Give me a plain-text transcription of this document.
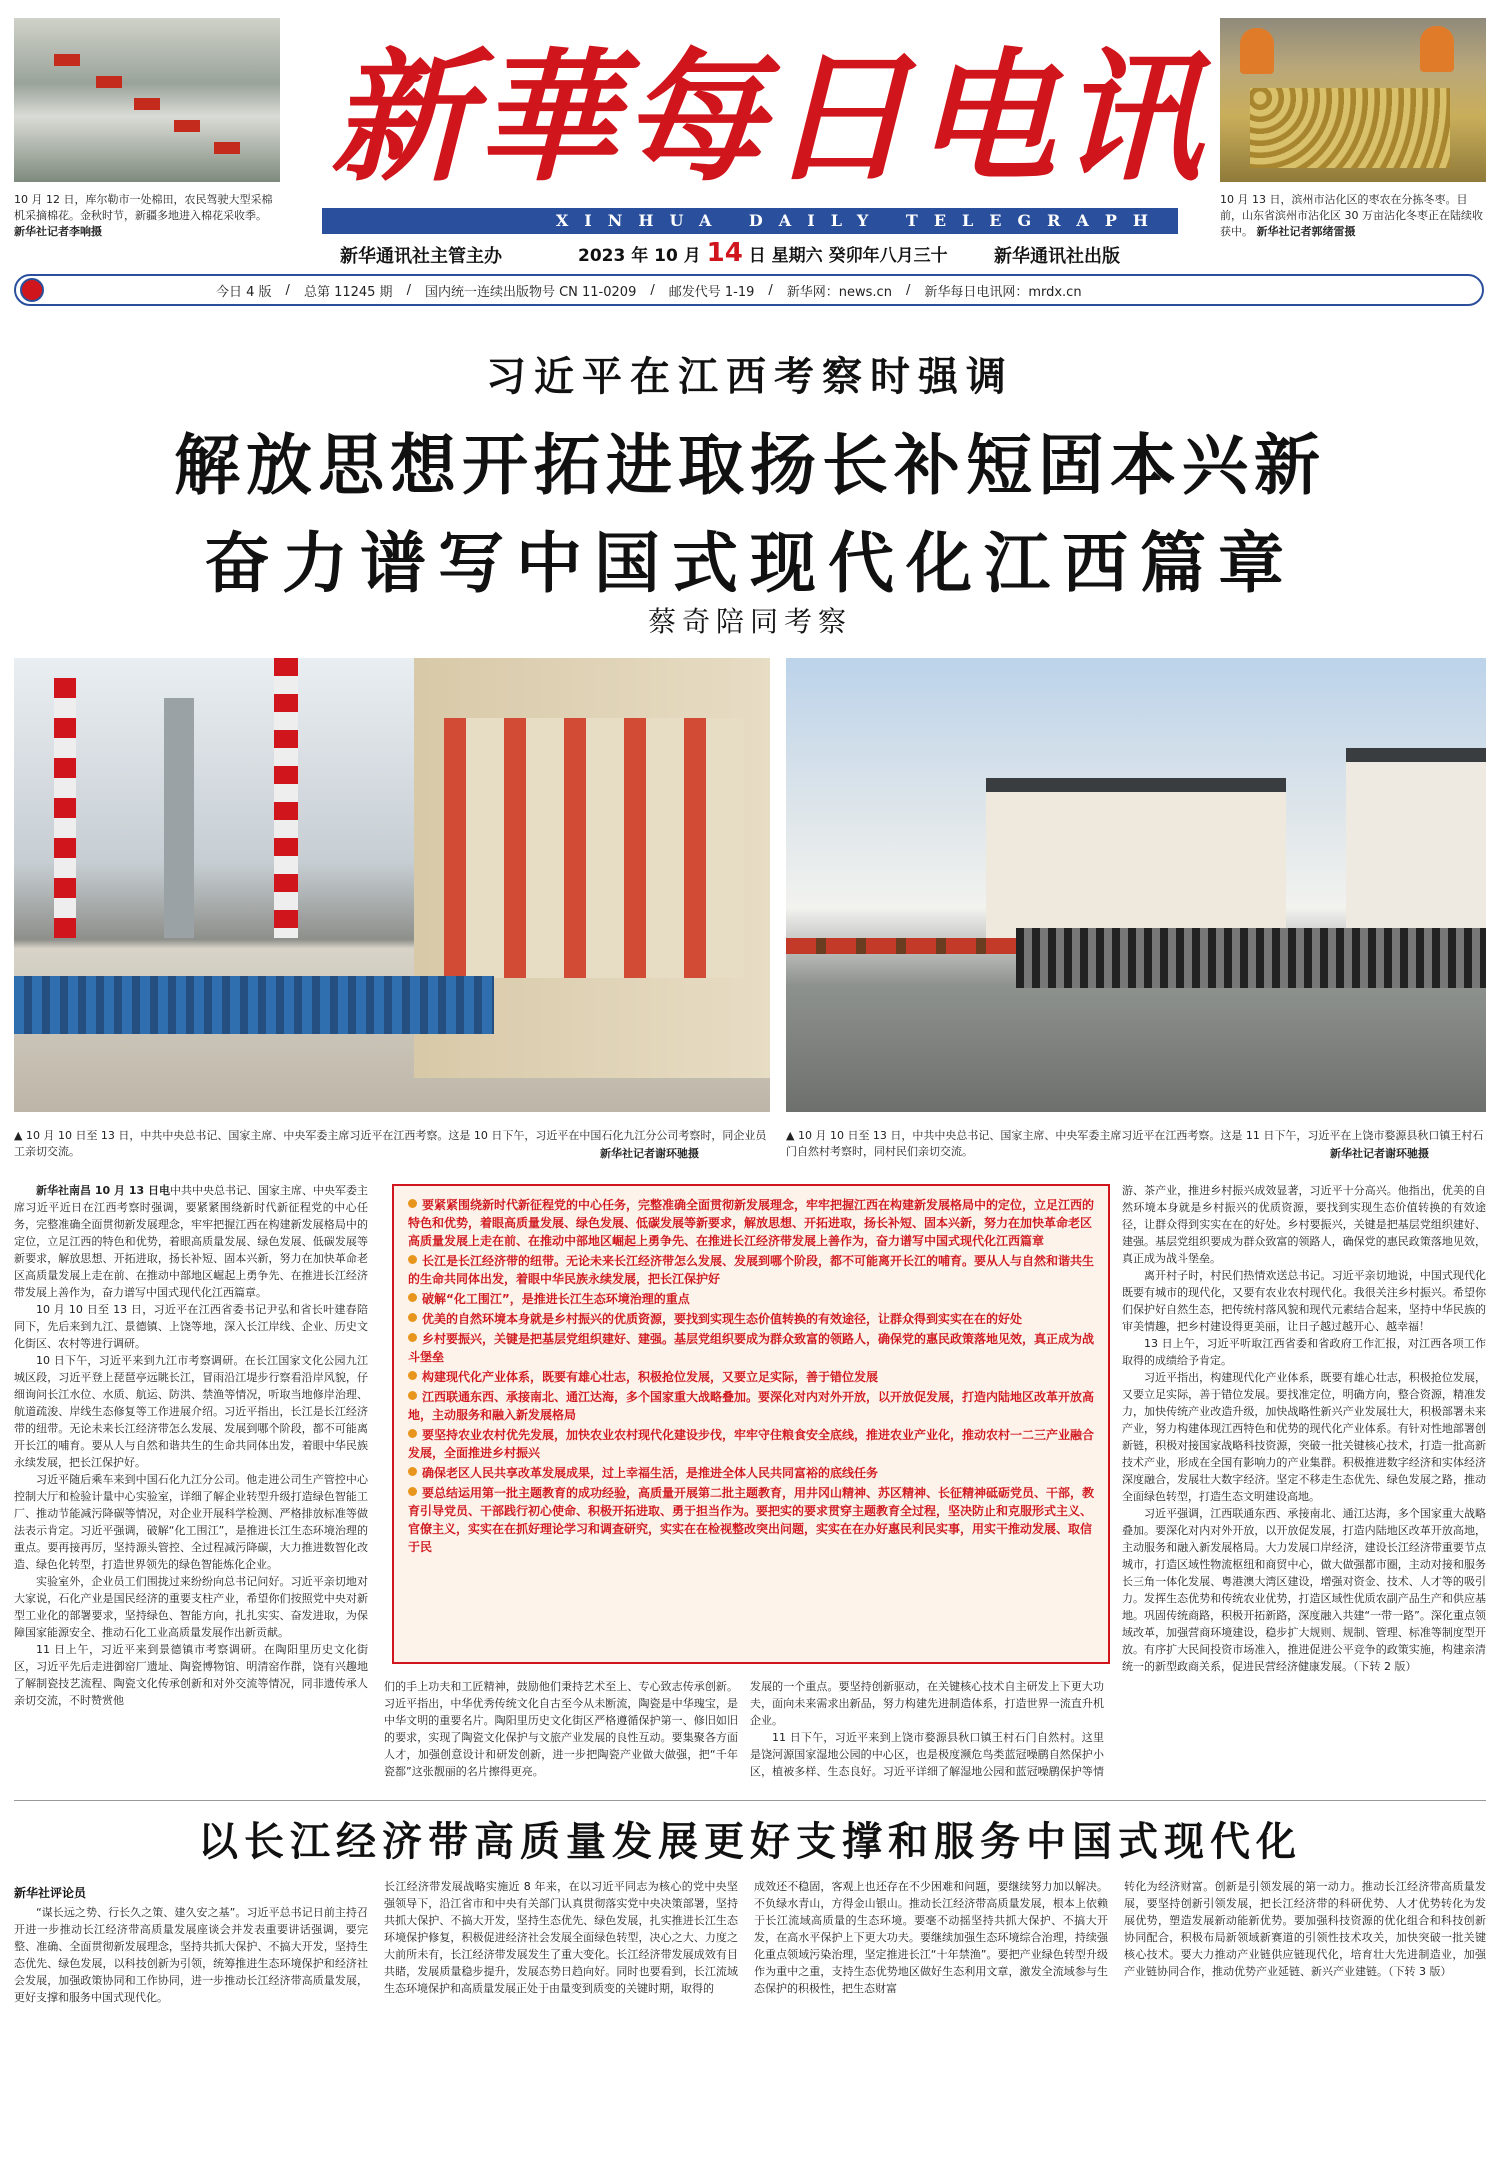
10 月 12 日，库尔勒市一处棉田，农民驾驶大型采棉机采摘棉花。金秋时节，新疆多地进入棉花采收季。 新华社记者李响摄
10 月 13 日，滨州市沾化区的枣农在分拣冬枣。目前，山东省滨州市沾化区 30 万亩沾化冬枣正在陆续收获中。 新华社记者郭绪雷摄
新華每日电讯
XINHUA DAILY TELEGRAPH
新华通讯社主管主办	2023 年 10 月 14 日 星期六 癸卯年八月三十	新华通讯社出版
今日 4 版 / 总第 11245 期 / 国内统一连续出版物号 CN 11-0209 / 邮发代号 1-19 / 新华网：news.cn / 新华每日电讯网：mrdx.cn
习近平在江西考察时强调
解放思想开拓进取扬长补短固本兴新
奋力谱写中国式现代化江西篇章
蔡奇陪同考察
▲ 10 月 10 日至 13 日，中共中央总书记、国家主席、中央军委主席习近平在江西考察。这是 10 日下午，习近平在中国石化九江分公司考察时，同企业员工亲切交流。	新华社记者谢环驰摄
▲ 10 月 10 日至 13 日，中共中央总书记、国家主席、中央军委主席习近平在江西考察。这是 11 日下午，习近平在上饶市婺源县秋口镇王村石门自然村考察时，同村民们亲切交流。	新华社记者谢环驰摄

新华社南昌 10 月 13 日电中共中央总书记、国家主席、中央军委主席习近平近日在江西考察时强调，要紧紧围绕新时代新征程党的中心任务，完整准确全面贯彻新发展理念，牢牢把握江西在构建新发展格局中的定位，立足江西的特色和优势，着眼高质量发展、绿色发展、低碳发展等新要求，解放思想、开拓进取，扬长补短、固本兴新，努力在加快革命老区高质量发展上走在前、在推动中部地区崛起上勇争先、在推进长江经济带发展上善作为，奋力谱写中国式现代化江西篇章。

10 月 10 日至 13 日，习近平在江西省委书记尹弘和省长叶建春陪同下，先后来到九江、景德镇、上饶等地，深入长江岸线、企业、历史文化街区、农村等进行调研。

10 日下午，习近平来到九江市考察调研。在长江国家文化公园九江城区段，习近平登上琵琶亭远眺长江，冒雨沿江堤步行察看沿岸风貌，仔细询问长江水位、水质、航运、防洪、禁渔等情况，听取当地修岸治理、航道疏浚、岸线生态修复等工作进展介绍。习近平指出，长江是长江经济带的纽带。无论未来长江经济带怎么发展、发展到哪个阶段，都不可能离开长江的哺育。要从人与自然和谐共生的生命共同体出发，着眼中华民族永续发展，把长江保护好。

习近平随后乘车来到中国石化九江分公司。他走进公司生产管控中心控制大厅和检验计量中心实验室，详细了解企业转型升级打造绿色智能工厂、推动节能减污降碳等情况，对企业开展科学检测、严格排放标准等做法表示肯定。习近平强调，破解“化工围江”，是推进长江生态环境治理的重点。要再接再厉，坚持源头管控、全过程减污降碳，大力推进数智化改造、绿色化转型，打造世界领先的绿色智能炼化企业。

实验室外，企业员工们围拢过来纷纷向总书记问好。习近平亲切地对大家说，石化产业是国民经济的重要支柱产业，希望你们按照党中央对新型工业化的部署要求，坚持绿色、智能方向，扎扎实实、奋发进取，为保障国家能源安全、推动石化工业高质量发展作出新贡献。

11 日上午，习近平来到景德镇市考察调研。在陶阳里历史文化街区，习近平先后走进御窑厂遗址、陶瓷博物馆、明清窑作群，饶有兴趣地了解制瓷技艺流程、陶瓷文化传承创新和对外交流等情况，同非遗传承人亲切交流，不时赞赏他

们的手上功夫和工匠精神，鼓励他们秉持艺术至上、专心致志传承创新。习近平指出，中华优秀传统文化自古至今从未断流，陶瓷是中华瑰宝，是中华文明的重要名片。陶阳里历史文化街区严格遵循保护第一、修旧如旧的要求，实现了陶瓷文化保护与文旅产业发展的良性互动。要集聚各方面人才，加强创意设计和研发创新，进一步把陶瓷产业做大做强，把“千年瓷都”这张靓丽的名片擦得更亮。

发展的一个重点。要坚持创新驱动，在关键核心技术自主研发上下更大功夫，面向未来需求出新品，努力构建先进制造体系，打造世界一流直升机企业。

11 日下午，习近平来到上饶市婺源县秋口镇王村石门自然村。这里是饶河源国家湿地公园的中心区，也是极度濒危鸟类蓝冠噪鹛自然保护小区，植被多样、生态良好。习近平详细了解湿地公园和蓝冠噪鹛保护等情

游、茶产业，推进乡村振兴成效显著，习近平十分高兴。他指出，优美的自然环境本身就是乡村振兴的优质资源，要找到实现生态价值转换的有效途径，让群众得到实实在在的好处。乡村要振兴，关键是把基层党组织建好、建强。基层党组织要成为群众致富的领路人，确保党的惠民政策落地见效，真正成为战斗堡垒。

离开村子时，村民们热情欢送总书记。习近平亲切地说，中国式现代化既要有城市的现代化，又要有农业农村现代化。我很关注乡村振兴。希望你们保护好自然生态，把传统村落风貌和现代元素结合起来，坚持中华民族的审美情趣，把乡村建设得更美丽，让日子越过越开心、越幸福！

13 日上午，习近平听取江西省委和省政府工作汇报，对江西各项工作取得的成绩给予肯定。

习近平指出，构建现代化产业体系，既要有雄心壮志，积极抢位发展，又要立足实际，善于错位发展。要找准定位，明确方向，整合资源，精准发力，加快传统产业改造升级，加快战略性新兴产业发展壮大，积极部署未来产业，努力构建体现江西特色和优势的现代化产业体系。有针对性地部署创新链，积极对接国家战略科技资源，突破一批关键核心技术，打造一批高新技术产业，形成在全国有影响力的产业集群。积极推进数字经济和实体经济深度融合，发展壮大数字经济。坚定不移走生态优先、绿色发展之路，推动全面绿色转型，打造生态文明建设高地。

习近平强调，江西联通东西、承接南北、通江达海，多个国家重大战略叠加。要深化对内对外开放，以开放促发展，打造内陆地区改革开放高地，主动服务和融入新发展格局。大力发展口岸经济，建设长江经济带重要节点城市，打造区域性物流枢纽和商贸中心，做大做强都市圈，主动对接和服务长三角一体化发展、粤港澳大湾区建设，增强对资金、技术、人才等的吸引力。发挥生态优势和传统农业优势，打造区域性优质农副产品生产和供应基地。巩固传统商路，积极开拓新路，深度融入共建“一带一路”。深化重点领域改革，加强营商环境建设，稳步扩大规则、规制、管理、标准等制度型开放。有序扩大民间投资市场准入，推进促进公平竞争的政策实施，构建亲清统一的新型政商关系，促进民营经济健康发展。（下转 2 版）

要紧紧围绕新时代新征程党的中心任务，完整准确全面贯彻新发展理念，牢牢把握江西在构建新发展格局中的定位，立足江西的特色和优势，着眼高质量发展、绿色发展、低碳发展等新要求，解放思想、开拓进取，扬长补短、固本兴新，努力在加快革命老区高质量发展上走在前、在推动中部地区崛起上勇争先、在推进长江经济带发展上善作为，奋力谱写中国式现代化江西篇章
长江是长江经济带的纽带。无论未来长江经济带怎么发展、发展到哪个阶段，都不可能离开长江的哺育。要从人与自然和谐共生的生命共同体出发，着眼中华民族永续发展，把长江保护好
破解“化工围江”，是推进长江生态环境治理的重点
优美的自然环境本身就是乡村振兴的优质资源，要找到实现生态价值转换的有效途径，让群众得到实实在在的好处
乡村要振兴，关键是把基层党组织建好、建强。基层党组织要成为群众致富的领路人，确保党的惠民政策落地见效，真正成为战斗堡垒
构建现代化产业体系，既要有雄心壮志，积极抢位发展，又要立足实际，善于错位发展
江西联通东西、承接南北、通江达海，多个国家重大战略叠加。要深化对内对外开放，以开放促发展，打造内陆地区改革开放高地，主动服务和融入新发展格局
要坚持农业农村优先发展，加快农业农村现代化建设步伐，牢牢守住粮食安全底线，推进农业产业化，推动农村一二三产业融合发展，全面推进乡村振兴
确保老区人民共享改革发展成果，过上幸福生活，是推进全体人民共同富裕的底线任务
要总结运用第一批主题教育的成功经验，高质量开展第二批主题教育，用井冈山精神、苏区精神、长征精神砥砺党员、干部，教育引导党员、干部践行初心使命、积极开拓进取、勇于担当作为。要把实的要求贯穿主题教育全过程，坚决防止和克服形式主义、官僚主义，实实在在抓好理论学习和调查研究，实实在在检视整改突出问题，实实在在办好惠民利民实事，用实干推动发展、取信于民
以长江经济带高质量发展更好支撑和服务中国式现代化
新华社评论员

“谋长远之势、行长久之策、建久安之基”。习近平总书记日前主持召开进一步推动长江经济带高质量发展座谈会并发表重要讲话强调，要完整、准确、全面贯彻新发展理念，坚持共抓大保护、不搞大开发，坚持生态优先、绿色发展，以科技创新为引领，统筹推进生态环境保护和经济社会发展，加强政策协同和工作协同，进一步推动长江经济带高质量发展，更好支撑和服务中国式现代化。

长江经济带发展战略实施近 8 年来，在以习近平同志为核心的党中央坚强领导下，沿江省市和中央有关部门认真贯彻落实党中央决策部署，坚持共抓大保护、不搞大开发，坚持生态优先、绿色发展，扎实推进长江生态环境保护修复，积极促进经济社会发展全面绿色转型，决心之大、力度之大前所未有，长江经济带发展发生了重大变化。长江经济带发展成效有目共睹，发展质量稳步提升，发展态势日趋向好。同时也要看到，长江流域生态环境保护和高质量发展正处于由量变到质变的关键时期，取得的

成效还不稳固，客观上也还存在不少困难和问题，要继续努力加以解决。不负绿水青山，方得金山银山。推动长江经济带高质量发展，根本上依赖于长江流域高质量的生态环境。要毫不动摇坚持共抓大保护、不搞大开发，在高水平保护上下更大功夫。要继续加强生态环境综合治理，持续强化重点领域污染治理，坚定推进长江“十年禁渔”。要把产业绿色转型升级作为重中之重，支持生态优势地区做好生态利用文章，激发全流域参与生态保护的积极性，把生态财富

转化为经济财富。创新是引领发展的第一动力。推动长江经济带高质量发展，要坚持创新引领发展，把长江经济带的科研优势、人才优势转化为发展优势，塑造发展新动能新优势。要加强科技资源的优化组合和科技创新协同配合，积极布局新领域新赛道的引领性技术攻关，加快突破一批关键核心技术。要大力推动产业链供应链现代化，培育壮大先进制造业，加强产业链协同合作，推动优势产业延链、新兴产业建链。（下转 3 版）
